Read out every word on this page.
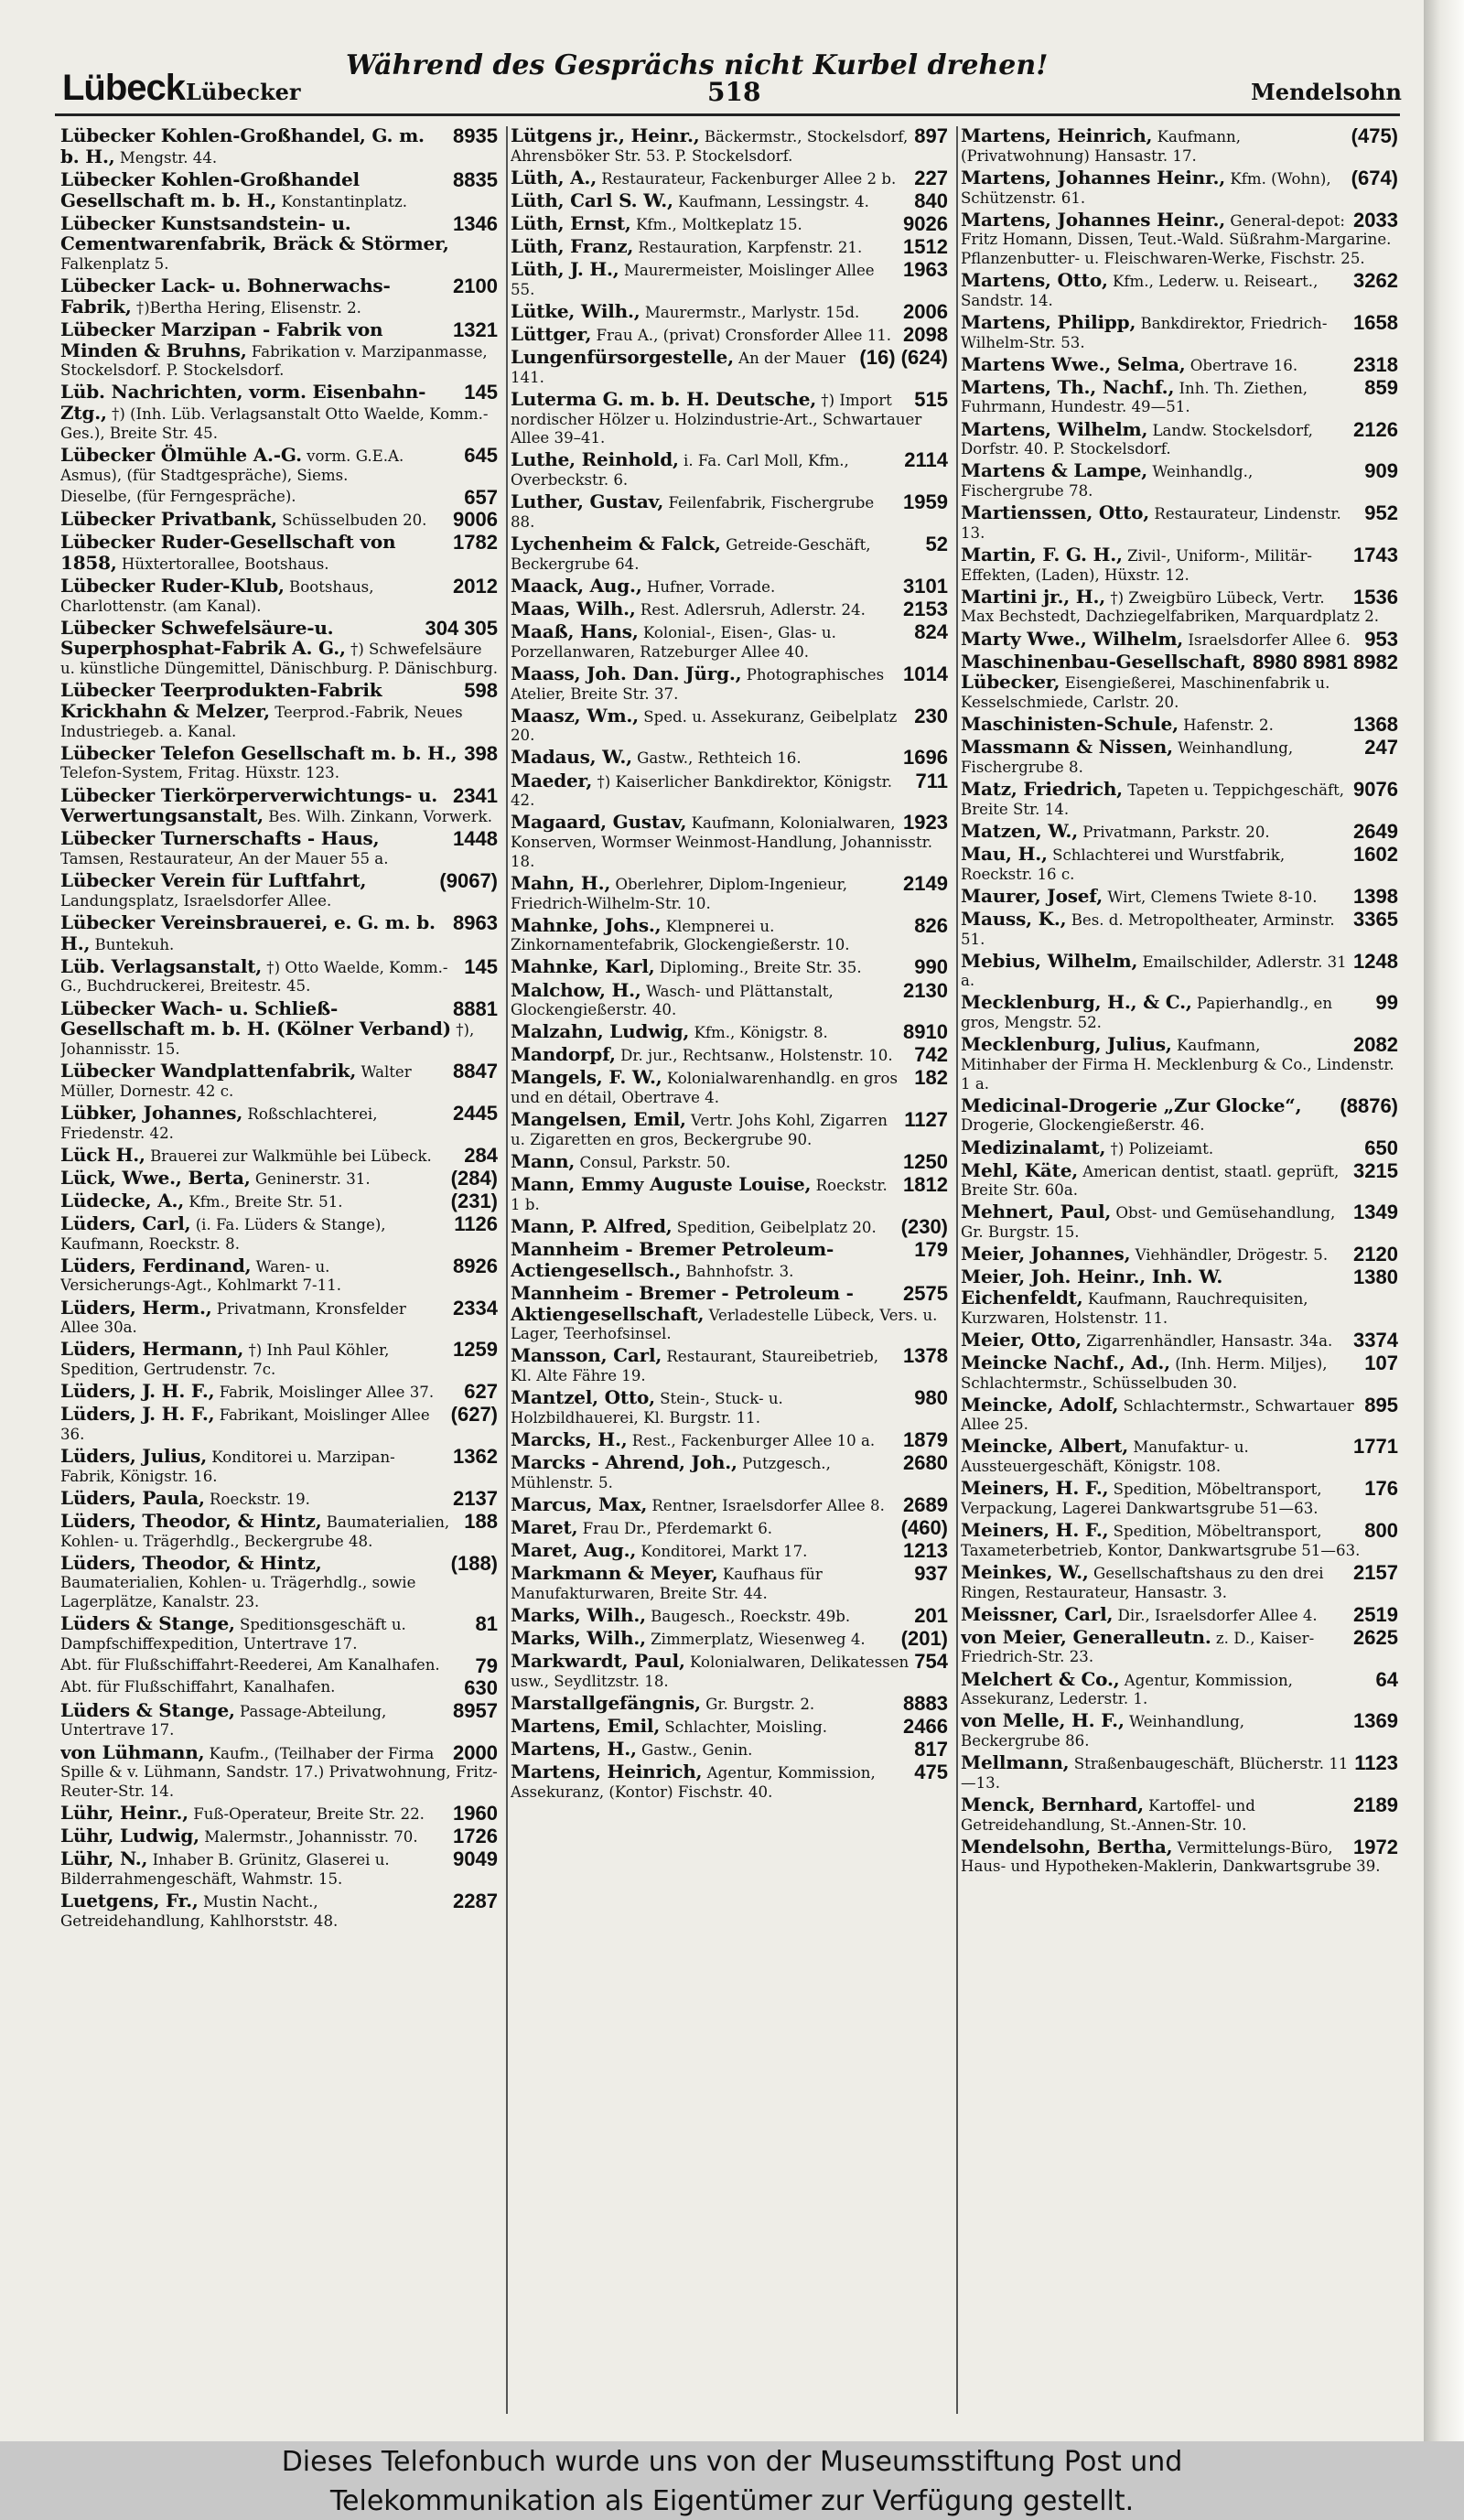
Lübeck Lübecker
Während des Gesprächs nicht Kurbel drehen!
518	Mendelsohn
8935
Lübecker Kohlen-Großhandel, G. m. b. H., Mengstr. 44.
8835
Lübecker Kohlen-Großhandel Gesellschaft m. b. H., Konstantinplatz.
1346
Lübecker Kunstsandstein- u. Cementwarenfabrik, Bräck & Störmer, Falkenplatz 5.
2100
Lübecker Lack- u. Bohnerwachs-Fabrik, †)Bertha Hering, Elisenstr. 2.
1321
Lübecker Marzipan - Fabrik von Minden & Bruhns, Fabrikation v. Marzipanmasse, Stockelsdorf. P. Stockelsdorf.
145
Lüb. Nachrichten, vorm. Eisenbahn-Ztg., †) (Inh. Lüb. Verlagsanstalt Otto Waelde, Komm.-Ges.), Breite Str. 45.
645
Lübecker Ölmühle A.-G. vorm. G.E.A. Asmus), (für Stadtgespräche), Siems.
657
Dieselbe, (für Ferngespräche).
9006
Lübecker Privatbank, Schüsselbuden 20.
1782
Lübecker Ruder-Gesellschaft von 1858, Hüxtertorallee, Bootshaus.
2012
Lübecker Ruder-Klub, Bootshaus, Charlottenstr. (am Kanal).
304 305
Lübecker Schwefelsäure-u. Superphosphat-Fabrik A. G., †) Schwefelsäure u. künstliche Düngemittel, Dänischburg. P. Dänischburg.
598
Lübecker Teerprodukten-Fabrik Krickhahn & Melzer, Teerprod.-Fabrik, Neues Industriegeb. a. Kanal.
398
Lübecker Telefon Gesellschaft m. b. H., Telefon-System, Fritag. Hüxstr. 123.
2341
Lübecker Tierkörperverwichtungs- u. Verwertungsanstalt, Bes. Wilh. Zinkann, Vorwerk.
1448
Lübecker Turnerschafts - Haus, Tamsen, Restaurateur, An der Mauer 55 a.
(9067)
Lübecker Verein für Luftfahrt, Landungsplatz, Israelsdorfer Allee.
8963
Lübecker Vereinsbrauerei, e. G. m. b. H., Buntekuh.
145
Lüb. Verlagsanstalt, †) Otto Waelde, Komm.-G., Buchdruckerei, Breitestr. 45.
8881
Lübecker Wach- u. Schließ-Gesellschaft m. b. H. (Kölner Verband) †), Johannisstr. 15.
8847
Lübecker Wandplattenfabrik, Walter Müller, Dornestr. 42 c.
2445
Lübker, Johannes, Roßschlachterei, Friedenstr. 42.
284
Lück H., Brauerei zur Walkmühle bei Lübeck.
(284)
Lück, Wwe., Berta, Geninerstr. 31.
(231)
Lüdecke, A., Kfm., Breite Str. 51.
1126
Lüders, Carl, (i. Fa. Lüders & Stange), Kaufmann, Roeckstr. 8.
8926
Lüders, Ferdinand, Waren- u. Versicherungs-Agt., Kohlmarkt 7-11.
2334
Lüders, Herm., Privatmann, Kronsfelder Allee 30a.
1259
Lüders, Hermann, †) Inh Paul Köhler, Spedition, Gertrudenstr. 7c.
627
Lüders, J. H. F., Fabrik, Moislinger Allee 37.
(627)
Lüders, J. H. F., Fabrikant, Moislinger Allee 36.
1362
Lüders, Julius, Konditorei u. Marzipan-Fabrik, Königstr. 16.
2137
Lüders, Paula, Roeckstr. 19.
188
Lüders, Theodor, & Hintz, Baumaterialien, Kohlen- u. Trägerhdlg., Beckergrube 48.
(188)
Lüders, Theodor, & Hintz, Baumaterialien, Kohlen- u. Trägerhdlg., sowie Lagerplätze, Kanalstr. 23.
81
Lüders & Stange, Speditionsgeschäft u. Dampfschiffexpedition, Untertrave 17.
79
Abt. für Flußschiffahrt-Reederei, Am Kanalhafen.
630
Abt. für Flußschiffahrt, Kanalhafen.
8957
Lüders & Stange, Passage-Abteilung, Untertrave 17.
2000
von Lühmann, Kaufm., (Teilhaber der Firma Spille & v. Lühmann, Sandstr. 17.) Privatwohnung, Fritz-Reuter-Str. 14.
1960
Lühr, Heinr., Fuß-Operateur, Breite Str. 22.
1726
Lühr, Ludwig, Malermstr., Johannisstr. 70.
9049
Lühr, N., Inhaber B. Grünitz, Glaserei u. Bilderrahmengeschäft, Wahmstr. 15.
2287
Luetgens, Fr., Mustin Nacht., Getreidehandlung, Kahlhorststr. 48.
897
Lütgens jr., Heinr., Bäckermstr., Stockelsdorf, Ahrensböker Str. 53. P. Stockelsdorf.
227
Lüth, A., Restaurateur, Fackenburger Allee 2 b.
840
Lüth, Carl S. W., Kaufmann, Lessingstr. 4.
9026
Lüth, Ernst, Kfm., Moltkeplatz 15.
1512
Lüth, Franz, Restauration, Karpfenstr. 21.
1963
Lüth, J. H., Maurermeister, Moislinger Allee 55.
2006
Lütke, Wilh., Maurermstr., Marlystr. 15d.
2098
Lüttger, Frau A., (privat) Cronsforder Allee 11.
(16) (624)
Lungenfürsorgestelle, An der Mauer 141.
515
Luterma G. m. b. H. Deutsche, †) Import nordischer Hölzer u. Holzindustrie-Art., Schwartauer Allee 39–41.
2114
Luthe, Reinhold, i. Fa. Carl Moll, Kfm., Overbeckstr. 6.
1959
Luther, Gustav, Feilenfabrik, Fischergrube 88.
52
Lychenheim & Falck, Getreide-Geschäft, Beckergrube 64.
3101
Maack, Aug., Hufner, Vorrade.
2153
Maas, Wilh., Rest. Adlersruh, Adlerstr. 24.
824
Maaß, Hans, Kolonial-, Eisen-, Glas- u. Porzellanwaren, Ratzeburger Allee 40.
1014
Maass, Joh. Dan. Jürg., Photographisches Atelier, Breite Str. 37.
230
Maasz, Wm., Sped. u. Assekuranz, Geibelplatz 20.
1696
Madaus, W., Gastw., Rethteich 16.
711
Maeder, †) Kaiserlicher Bankdirektor, Königstr. 42.
1923
Magaard, Gustav, Kaufmann, Kolonialwaren, Konserven, Wormser Weinmost-Handlung, Johannisstr. 18.
2149
Mahn, H., Oberlehrer, Diplom-Ingenieur, Friedrich-Wilhelm-Str. 10.
826
Mahnke, Johs., Klempnerei u. Zinkornamentefabrik, Glockengießerstr. 10.
990
Mahnke, Karl, Diploming., Breite Str. 35.
2130
Malchow, H., Wasch- und Plättanstalt, Glockengießerstr. 40.
8910
Malzahn, Ludwig, Kfm., Königstr. 8.
742
Mandorpf, Dr. jur., Rechtsanw., Holstenstr. 10.
182
Mangels, F. W., Kolonialwarenhandlg. en gros und en détail, Obertrave 4.
1127
Mangelsen, Emil, Vertr. Johs Kohl, Zigarren u. Zigaretten en gros, Beckergrube 90.
1250
Mann, Consul, Parkstr. 50.
1812
Mann, Emmy Auguste Louise, Roeckstr. 1 b.
(230)
Mann, P. Alfred, Spedition, Geibelplatz 20.
179
Mannheim - Bremer Petroleum-Actiengesellsch., Bahnhofstr. 3.
2575
Mannheim - Bremer - Petroleum - Aktiengesellschaft, Verladestelle Lübeck, Vers. u. Lager, Teerhofsinsel.
1378
Mansson, Carl, Restaurant, Staureibetrieb, Kl. Alte Fähre 19.
980
Mantzel, Otto, Stein-, Stuck- u. Holzbildhauerei, Kl. Burgstr. 11.
1879
Marcks, H., Rest., Fackenburger Allee 10 a.
2680
Marcks - Ahrend, Joh., Putzgesch., Mühlenstr. 5.
2689
Marcus, Max, Rentner, Israelsdorfer Allee 8.
(460)
Maret, Frau Dr., Pferdemarkt 6.
1213
Maret, Aug., Konditorei, Markt 17.
937
Markmann & Meyer, Kaufhaus für Manufakturwaren, Breite Str. 44.
201
Marks, Wilh., Baugesch., Roeckstr. 49b.
(201)
Marks, Wilh., Zimmerplatz, Wiesenweg 4.
754
Markwardt, Paul, Kolonialwaren, Delikatessen usw., Seydlitzstr. 18.
8883
Marstallgefängnis, Gr. Burgstr. 2.
2466
Martens, Emil, Schlachter, Moisling.
817
Martens, H., Gastw., Genin.
475
Martens, Heinrich, Agentur, Kommission, Assekuranz, (Kontor) Fischstr. 40.
(475)
Martens, Heinrich, Kaufmann, (Privatwohnung) Hansastr. 17.
(674)
Martens, Johannes Heinr., Kfm. (Wohn), Schützenstr. 61.
2033
Martens, Johannes Heinr., General-depot: Fritz Homann, Dissen, Teut.-Wald. Süßrahm-Margarine. Pflanzenbutter- u. Fleischwaren-Werke, Fischstr. 25.
3262
Martens, Otto, Kfm., Lederw. u. Reiseart., Sandstr. 14.
1658
Martens, Philipp, Bankdirektor, Friedrich-Wilhelm-Str. 53.
2318
Martens Wwe., Selma, Obertrave 16.
859
Martens, Th., Nachf., Inh. Th. Ziethen, Fuhrmann, Hundestr. 49—51.
2126
Martens, Wilhelm, Landw. Stockelsdorf, Dorfstr. 40. P. Stockelsdorf.
909
Martens & Lampe, Weinhandlg., Fischergrube 78.
952
Martienssen, Otto, Restaurateur, Lindenstr. 13.
1743
Martin, F. G. H., Zivil-, Uniform-, Militär-Effekten, (Laden), Hüxstr. 12.
1536
Martini jr., H., †) Zweigbüro Lübeck, Vertr. Max Bechstedt, Dachziegelfabriken, Marquardplatz 2.
953
Marty Wwe., Wilhelm, Israelsdorfer Allee 6.
8980 8981 8982
Maschinenbau-Gesellschaft, Lübecker, Eisengießerei, Maschinenfabrik u. Kesselschmiede, Carlstr. 20.
1368
Maschinisten-Schule, Hafenstr. 2.
247
Massmann & Nissen, Weinhandlung, Fischergrube 8.
9076
Matz, Friedrich, Tapeten u. Teppichgeschäft, Breite Str. 14.
2649
Matzen, W., Privatmann, Parkstr. 20.
1602
Mau, H., Schlachterei und Wurstfabrik, Roeckstr. 16 c.
1398
Maurer, Josef, Wirt, Clemens Twiete 8-10.
3365
Mauss, K., Bes. d. Metropoltheater, Arminstr. 51.
1248
Mebius, Wilhelm, Emailschilder, Adlerstr. 31 a.
99
Mecklenburg, H., & C., Papierhandlg., en gros, Mengstr. 52.
2082
Mecklenburg, Julius, Kaufmann, Mitinhaber der Firma H. Mecklenburg & Co., Lindenstr. 1 a.
(8876)
Medicinal-Drogerie „Zur Glocke“, Drogerie, Glockengießerstr. 46.
650
Medizinalamt, †) Polizeiamt.
3215
Mehl, Käte, American dentist, staatl. geprüft, Breite Str. 60a.
1349
Mehnert, Paul, Obst- und Gemüsehandlung, Gr. Burgstr. 15.
2120
Meier, Johannes, Viehhändler, Drögestr. 5.
1380
Meier, Joh. Heinr., Inh. W. Eichenfeldt, Kaufmann, Rauchrequisiten, Kurzwaren, Holstenstr. 11.
3374
Meier, Otto, Zigarrenhändler, Hansastr. 34a.
107
Meincke Nachf., Ad., (Inh. Herm. Miljes), Schlachtermstr., Schüsselbuden 30.
895
Meincke, Adolf, Schlachtermstr., Schwartauer Allee 25.
1771
Meincke, Albert, Manufaktur- u. Aussteuergeschäft, Königstr. 108.
176
Meiners, H. F., Spedition, Möbeltransport, Verpackung, Lagerei Dankwartsgrube 51—63.
800
Meiners, H. F., Spedition, Möbeltransport, Taxameterbetrieb, Kontor, Dankwartsgrube 51—63.
2157
Meinkes, W., Gesellschaftshaus zu den drei Ringen, Restaurateur, Hansastr. 3.
2519
Meissner, Carl, Dir., Israelsdorfer Allee 4.
2625
von Meier, Generalleutn. z. D., Kaiser-Friedrich-Str. 23.
64
Melchert & Co., Agentur, Kommission, Assekuranz, Lederstr. 1.
1369
von Melle, H. F., Weinhandlung, Beckergrube 86.
1123
Mellmann, Straßenbaugeschäft, Blücherstr. 11—13.
2189
Menck, Bernhard, Kartoffel- und Getreidehandlung, St.-Annen-Str. 10.
1972
Mendelsohn, Bertha, Vermittelungs-Büro, Haus- und Hypotheken-Maklerin, Dankwartsgrube 39.
Dieses Telefonbuch wurde uns von der Museumsstiftung Post und
Telekommunikation als Eigentümer zur Verfügung gestellt.
